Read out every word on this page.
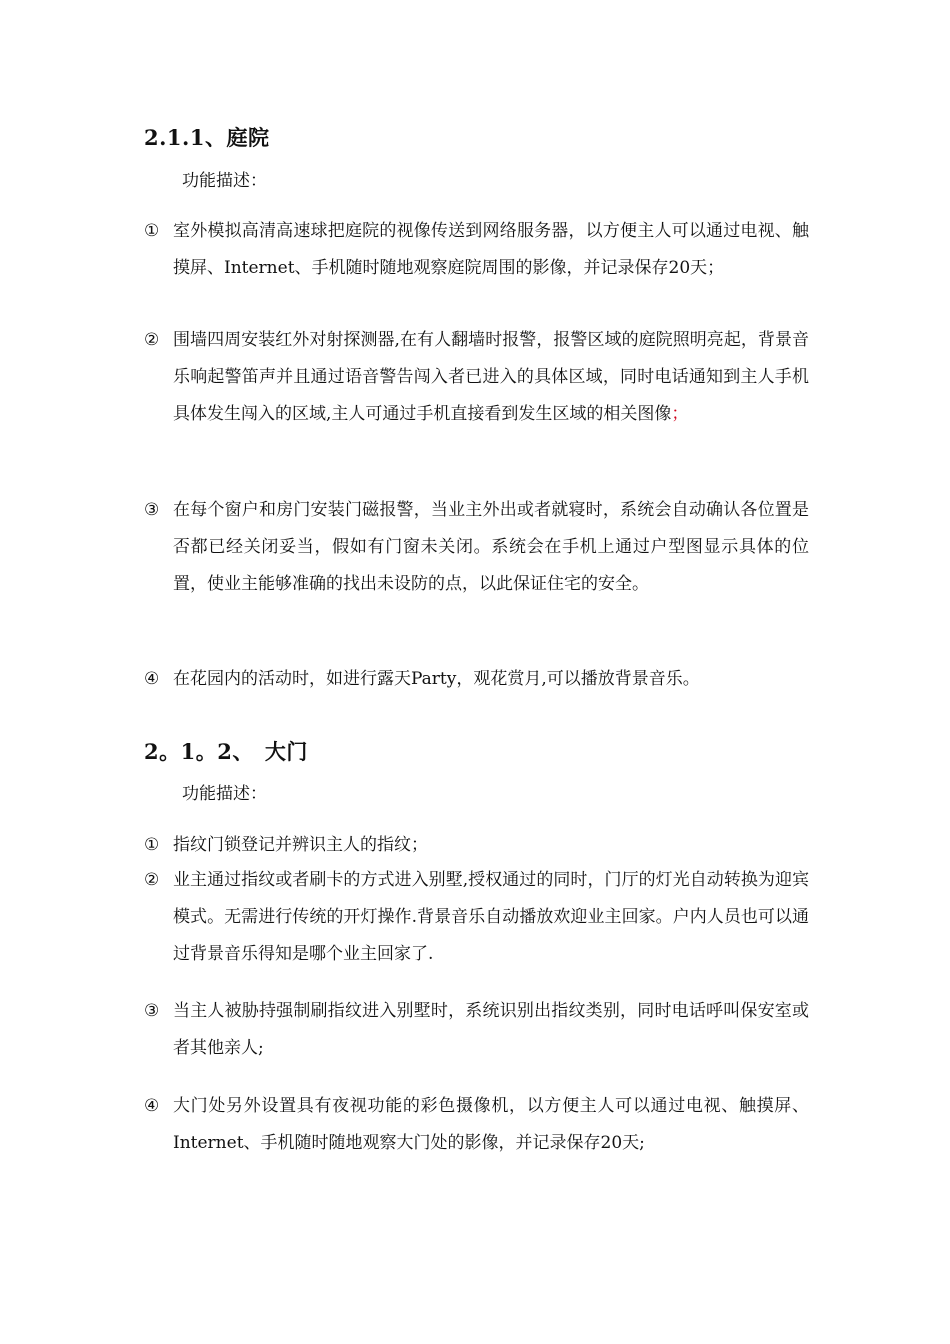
2.1.1、庭院
功能描述：
① 室外模拟高清高速球把庭院的视像传送到网络服务器，以方便主人可以通过电视、触摸屏、Internet、手机随时随地观察庭院周围的影像，并记录保存20天；
② 围墙四周安装红外对射探测器,在有人翻墙时报警，报警区域的庭院照明亮起，背景音乐响起警笛声并且通过语音警告闯入者已进入的具体区域，同时电话通知到主人手机具体发生闯入的区域,主人可通过手机直接看到发生区域的相关图像；
③ 在每个窗户和房门安装门磁报警，当业主外出或者就寝时，系统会自动确认各位置是否都已经关闭妥当，假如有门窗未关闭。系统会在手机上通过户型图显示具体的位置，使业主能够准确的找出未设防的点，以此保证住宅的安全。
④ 在花园内的活动时，如进行露天Party，观花赏月,可以播放背景音乐。
2。1。2、　大门
功能描述：
① 指纹门锁登记并辨识主人的指纹；
② 业主通过指纹或者刷卡的方式进入别墅,授权通过的同时，门厅的灯光自动转换为迎宾模式。无需进行传统的开灯操作.背景音乐自动播放欢迎业主回家。户内人员也可以通过背景音乐得知是哪个业主回家了.
③ 当主人被胁持强制刷指纹进入别墅时，系统识别出指纹类别，同时电话呼叫保安室或者其他亲人;
④ 大门处另外设置具有夜视功能的彩色摄像机，以方便主人可以通过电视、触摸屏、Internet、手机随时随地观察大门处的影像，并记录保存20天;
